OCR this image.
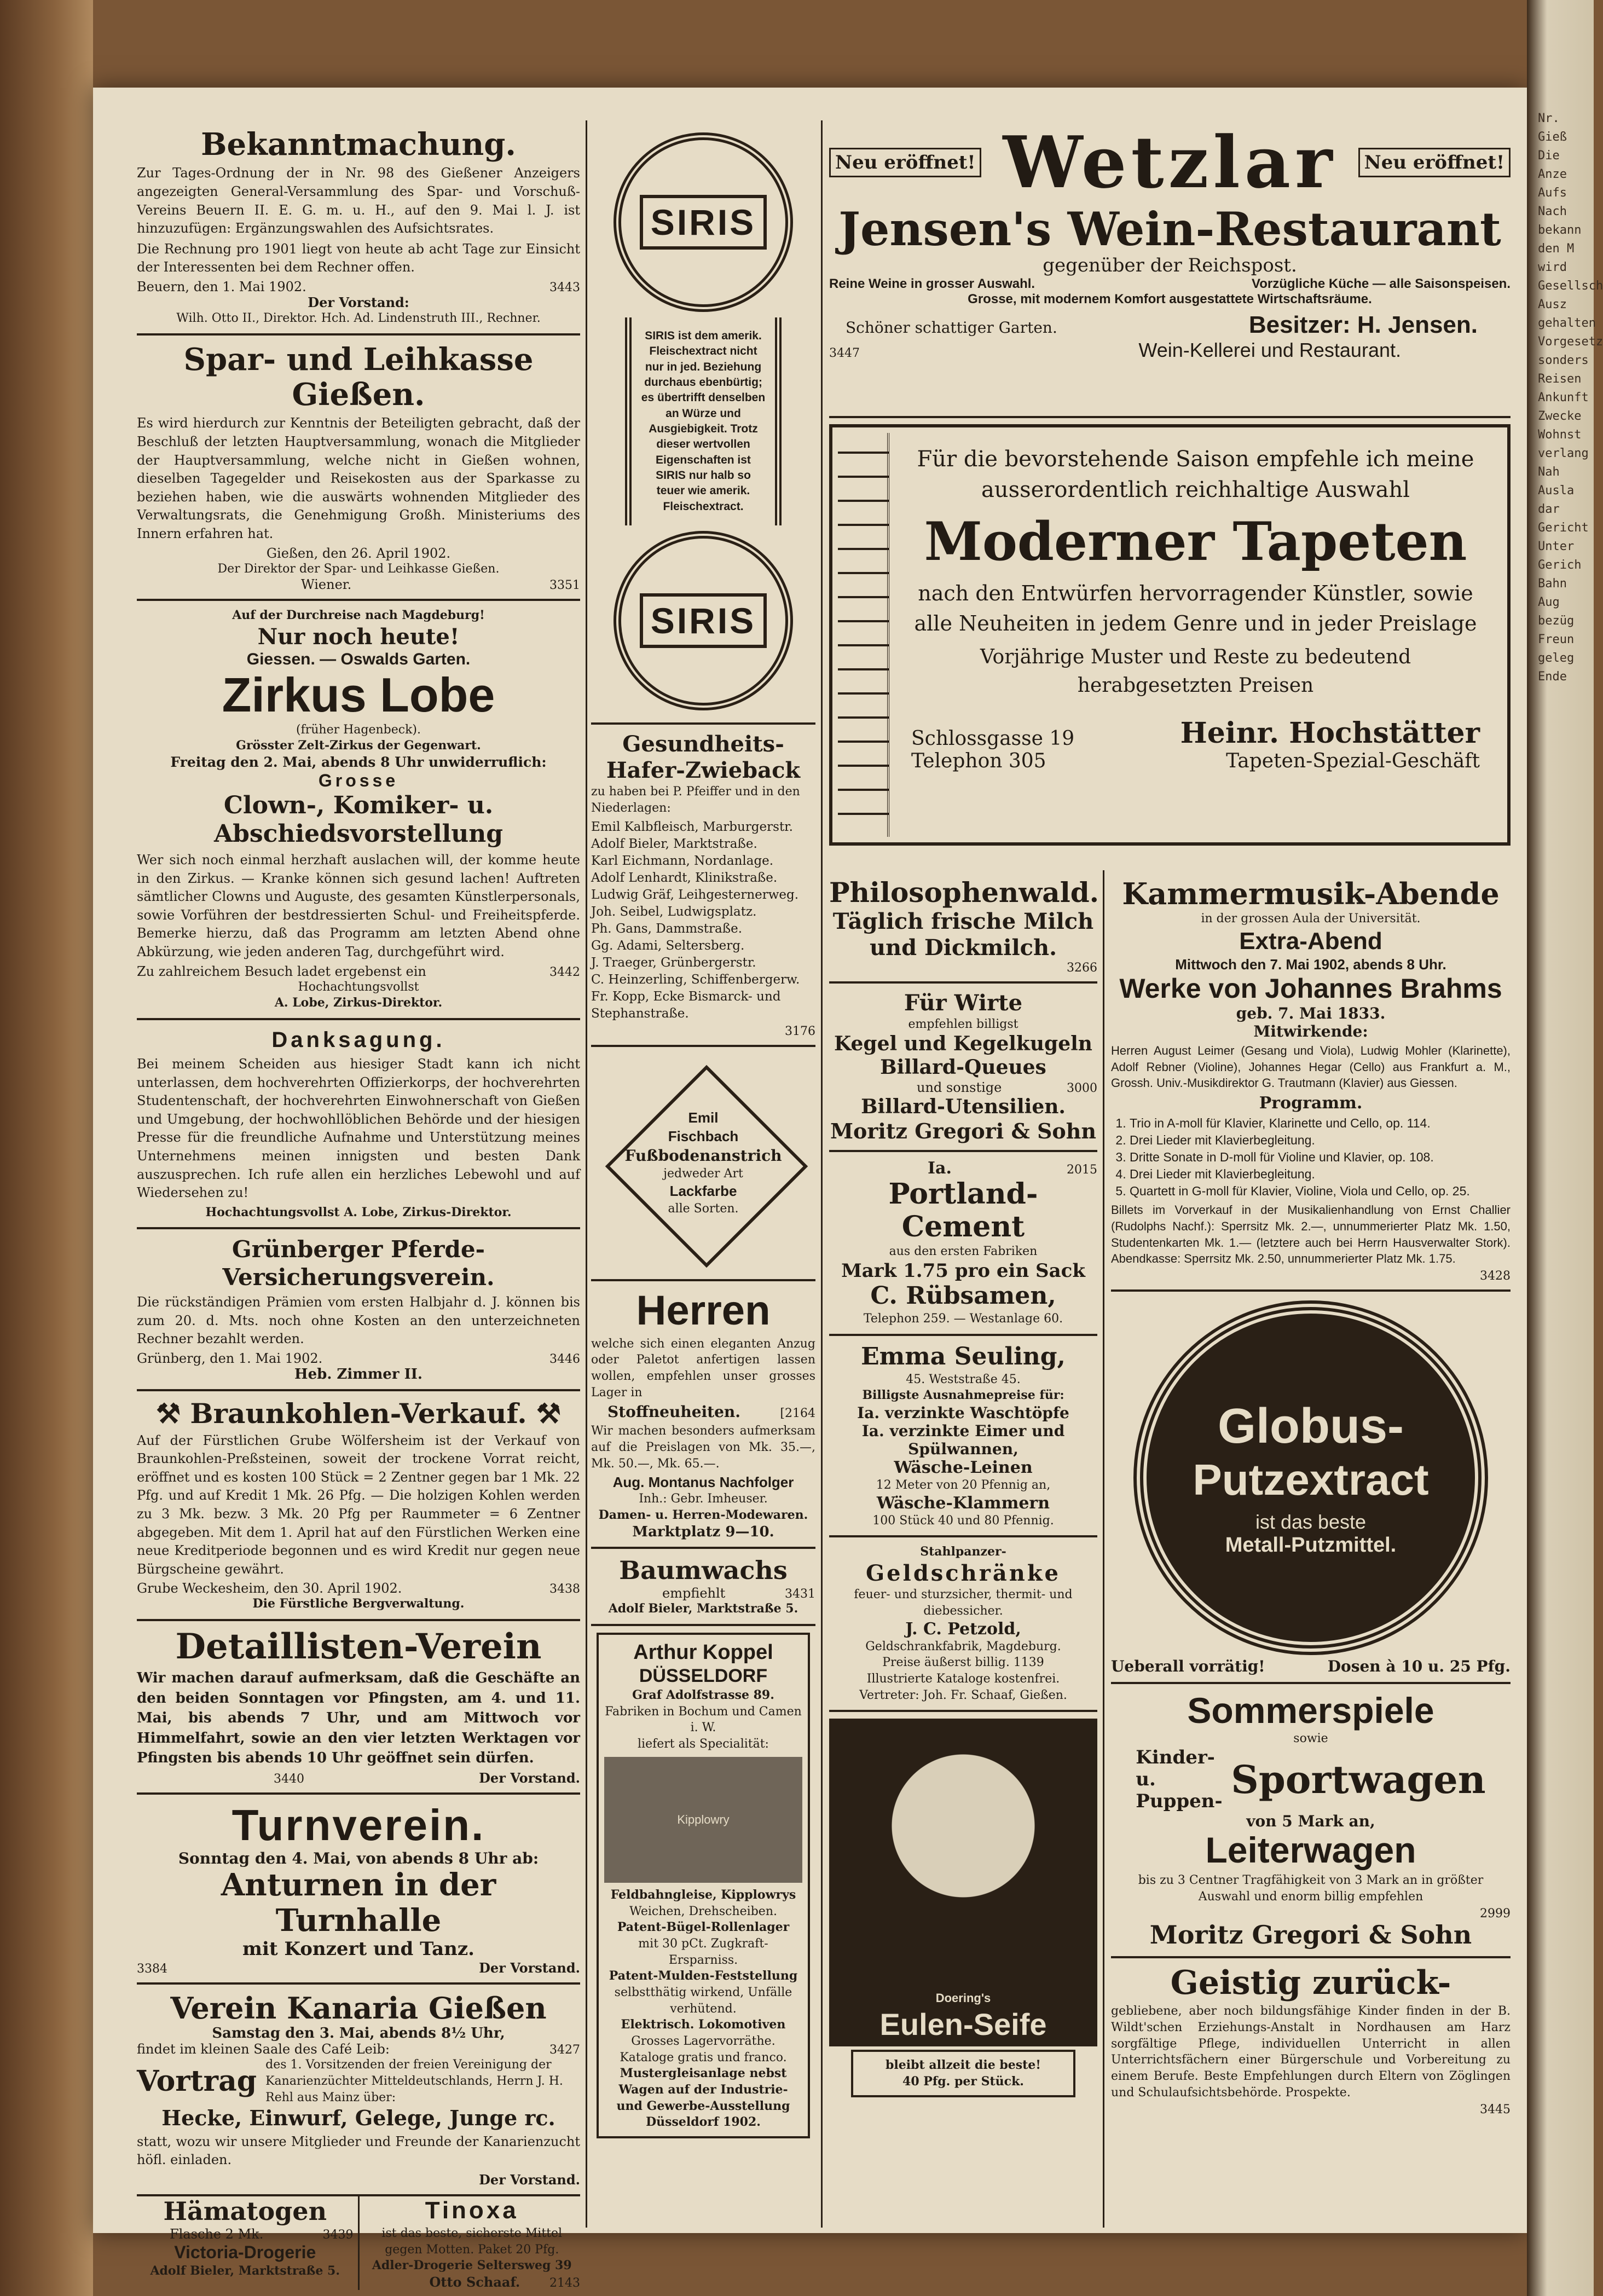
Bekanntmachung.

Zur Tages-Ordnung der in Nr. 98 des Gießener Anzeigers angezeigten General-Versammlung des Spar- und Vorschuß-Vereins Beuern II. E. G. m. u. H., auf den 9. Mai l. J. ist hinzuzufügen: Ergänzungswahlen des Aufsichtsrates.

Die Rechnung pro 1901 liegt von heute ab acht Tage zur Einsicht der Interessenten bei dem Rechner offen.

Beuern, den 1. Mai 1902.	3443
Der Vorstand:
Wilh. Otto II., Direktor. Hch. Ad. Lindenstruth III., Rechner.
Spar- und Leihkasse Gießen.

Es wird hierdurch zur Kenntnis der Beteiligten gebracht, daß der Beschluß der letzten Hauptversammlung, wonach die Mitglieder der Hauptversammlung, welche nicht in Gießen wohnen, dieselben Tagegelder und Reisekosten aus der Sparkasse zu beziehen haben, wie die auswärts wohnenden Mitglieder des Verwaltungsrats, die Genehmigung Großh. Ministeriums des Innern erfahren hat.

Gießen, den 26. April 1902.
Der Direktor der Spar- und Leihkasse Gießen.
Wiener.	3351
Auf der Durchreise nach Magdeburg!
Nur noch heute!
Giessen. — Oswalds Garten.
Zirkus Lobe
(früher Hagenbeck).
Grösster Zelt-Zirkus der Gegenwart.
Freitag den 2. Mai, abends 8 Uhr unwiderruflich:
Grosse
Clown-, Komiker- u. Abschiedsvorstellung

Wer sich noch einmal herzhaft auslachen will, der komme heute in den Zirkus. — Kranke können sich gesund lachen! Auftreten sämtlicher Clowns und Auguste, des gesamten Künstlerpersonals, sowie Vorführen der bestdressierten Schul- und Freiheitspferde. Bemerke hierzu, daß das Programm am letzten Abend ohne Abkürzung, wie jeden anderen Tag, durchgeführt wird.

Zu zahlreichem Besuch ladet ergebenst ein	3442
Hochachtungsvollst
A. Lobe, Zirkus-Direktor.
Danksagung.

Bei meinem Scheiden aus hiesiger Stadt kann ich nicht unterlassen, dem hochverehrten Offizierkorps, der hochverehrten Studentenschaft, der hochverehrten Einwohnerschaft von Gießen und Umgebung, der hochwohllöblichen Behörde und der hiesigen Presse für die freundliche Aufnahme und Unterstützung meines Unternehmens meinen innigsten und besten Dank auszusprechen. Ich rufe allen ein herzliches Lebewohl und auf Wiedersehen zu!

Hochachtungsvollst A. Lobe, Zirkus-Direktor.
Grünberger Pferde-Versicherungsverein.

Die rückständigen Prämien vom ersten Halbjahr d. J. können bis zum 20. d. Mts. noch ohne Kosten an den unterzeichneten Rechner bezahlt werden.

Grünberg, den 1. Mai 1902.	3446
Heb. Zimmer II.
⚒ Braunkohlen-Verkauf. ⚒

Auf der Fürstlichen Grube Wölfersheim ist der Verkauf von Braunkohlen-Preßsteinen, soweit der trockene Vorrat reicht, eröffnet und es kosten 100 Stück = 2 Zentner gegen bar 1 Mk. 22 Pfg. und auf Kredit 1 Mk. 26 Pfg. — Die holzigen Kohlen werden zu 3 Mk. bezw. 3 Mk. 20 Pfg per Raummeter = 6 Zentner abgegeben. Mit dem 1. April hat auf den Fürstlichen Werken eine neue Kreditperiode begonnen und es wird Kredit nur gegen neue Bürgscheine gewährt.

Grube Weckesheim, den 30. April 1902.	3438
Die Fürstliche Bergverwaltung.
Detaillisten-Verein

Wir machen darauf aufmerksam, daß die Geschäfte an den beiden Sonntagen vor Pfingsten, am 4. und 11. Mai, bis abends 7 Uhr, und am Mittwoch vor Himmelfahrt, sowie an den vier letzten Werktagen vor Pfingsten bis abends 10 Uhr geöffnet sein dürfen.

3440	Der Vorstand.
Turnverein.
Sonntag den 4. Mai, von abends 8 Uhr ab:
Anturnen in der Turnhalle
mit Konzert und Tanz.
3384	Der Vorstand.
Verein Kanaria Gießen
Samstag den 3. Mai, abends 8½ Uhr,
findet im kleinen Saale des Café Leib:	3427
Vortrag des 1. Vorsitzenden der freien Vereinigung der Kanarienzüchter Mitteldeutschlands, Herrn J. H. Rehl aus Mainz über:
Hecke, Einwurf, Gelege, Junge rc.

statt, wozu wir unsere Mitglieder und Freunde der Kanarienzucht höfl. einladen.

Der Vorstand.
Hämatogen
Flasche 2 Mk.	3439
Victoria-Drogerie
Adolf Bieler, Marktstraße 5.
Tinoxa
ist das beste, sicherste Mittel gegen Motten. Paket 20 Pfg.
Adler-Drogerie Seltersweg 39
Otto Schaaf. 2143
SIRIS
SIRIS ist dem amerik. Fleischextract nicht nur in jed. Beziehung durchaus ebenbürtig; es übertrifft denselben an Würze und Ausgiebigkeit. Trotz dieser wertvollen Eigenschaften ist SIRIS nur halb so teuer wie amerik. Fleischextract.
SIRIS
Gesundheits-Hafer-Zwieback
zu haben bei P. Pfeiffer und in den Niederlagen:
Emil Kalbfleisch, Marburgerstr.
Adolf Bieler, Marktstraße.
Karl Eichmann, Nordanlage.
Adolf Lenhardt, Klinikstraße.
Ludwig Gräf, Leihgesternerweg.
Joh. Seibel, Ludwigsplatz.
Ph. Gans, Dammstraße.
Gg. Adami, Seltersberg.
J. Traeger, Grünbergerstr.
C. Heinzerling, Schiffenbergerw.
Fr. Kopp, Ecke Bismarck- und Stephanstraße.
3176
Emil Fischbach
Fußbodenanstrich
jedweder Art
Lackfarbe
alle Sorten.
Herren

welche sich einen eleganten Anzug oder Paletot anfertigen lassen wollen, empfehlen unser grosses Lager in

Stoffneuheiten.	[2164

Wir machen besonders aufmerksam auf die Preislagen von Mk. 35.—, Mk. 50.—, Mk. 65.—.

Aug. Montanus Nachfolger
Inh.: Gebr. Imheuser.
Damen- u. Herren-Modewaren.
Marktplatz 9—10.
Baumwachs
empfiehlt	3431
Adolf Bieler, Marktstraße 5.
Arthur Koppel
DÜSSELDORF
Graf Adolfstrasse 89.
Fabriken in Bochum und Camen i. W.
liefert als Specialität:
Kipplowry
Feldbahngleise, Kipplowrys
Weichen, Drehscheiben.
Patent-Bügel-Rollenlager
mit 30 pCt. Zugkraft-Ersparniss.
Patent-Mulden-Feststellung
selbstthätig wirkend, Unfälle verhütend.
Elektrisch. Lokomotiven
Grosses Lagervorräthe.
Kataloge gratis und franco.
Mustergleisanlage nebst Wagen auf der Industrie- und Gewerbe-Ausstellung Düsseldorf 1902.
Neu eröffnet! Wetzlar	Neu eröffnet!
Jensen's Wein-Restaurant
gegenüber der Reichspost.
Reine Weine in grosser Auswahl.	Vorzügliche Küche — alle Saisonspeisen.
Grosse, mit modernem Komfort ausgestattete Wirtschaftsräume.
Schöner schattiger Garten.	Besitzer: H. Jensen.
3447	Wein-Kellerei und Restaurant.
Für die bevorstehende Saison empfehle ich meine ausserordentlich reichhaltige Auswahl
Moderner Tapeten
nach den Entwürfen hervorragender Künstler, sowie alle Neuheiten in jedem Genre und in jeder Preislage
Vorjährige Muster und Reste zu bedeutend herabgesetzten Preisen
Schlossgasse 19
Telephon 305
Heinr. Hochstätter
Tapeten-Spezial-Geschäft
Philosophenwald.
Täglich frische Milch und Dickmilch.
3266
Für Wirte
empfehlen billigst
Kegel und Kegelkugeln
Billard-Queues
und sonstige	3000
Billard-Utensilien.
Moritz Gregori & Sohn
Ia.	2015
Portland-Cement
aus den ersten Fabriken
Mark 1.75 pro ein Sack
C. Rübsamen,
Telephon 259. — Westanlage 60.
Emma Seuling,
45. Weststraße 45.
Billigste Ausnahmepreise für:
Ia. verzinkte Waschtöpfe
Ia. verzinkte Eimer und
Spülwannen,
Wäsche-Leinen
12 Meter von 20 Pfennig an,
Wäsche-Klammern
100 Stück 40 und 80 Pfennig.
Stahlpanzer-
Geldschränke
feuer- und sturzsicher, thermit- und diebessicher.
J. C. Petzold,
Geldschrankfabrik, Magdeburg.
Preise äußerst billig. 1139
Illustrierte Kataloge kostenfrei.
Vertreter: Joh. Fr. Schaaf, Gießen.
Doering's
Eulen-Seife
bleibt allzeit die beste!
40 Pfg. per Stück.
Kammermusik-Abende
in der grossen Aula der Universität.
Extra-Abend
Mittwoch den 7. Mai 1902, abends 8 Uhr.
Werke von Johannes Brahms
geb. 7. Mai 1833.
Mitwirkende:

Herren August Leimer (Gesang und Viola), Ludwig Mohler (Klarinette), Adolf Rebner (Violine), Johannes Hegar (Cello) aus Frankfurt a. M., Grossh. Univ.-Musikdirektor G. Trautmann (Klavier) aus Giessen.

Programm.
1. Trio in A-moll für Klavier, Klarinette und Cello, op. 114.
2. Drei Lieder mit Klavierbegleitung.
3. Dritte Sonate in D-moll für Violine und Klavier, op. 108.
4. Drei Lieder mit Klavierbegleitung.
5. Quartett in G-moll für Klavier, Violine, Viola und Cello, op. 25.

Billets im Vorverkauf in der Musikalienhandlung von Ernst Challier (Rudolphs Nachf.): Sperrsitz Mk. 2.—, unnummerierter Platz Mk. 1.50, Studentenkarten Mk. 1.— (letztere auch bei Herrn Hausverwalter Stork). Abendkasse: Sperrsitz Mk. 2.50, unnummerierter Platz Mk. 1.75.

3428
Globus-
Putzextract
ist das beste
Metall-Putzmittel.
Ueberall vorrätig!	Dosen à 10 u. 25 Pfg.
Sommerspiele
sowie
Kinder- u. Puppen- Sportwagen
von 5 Mark an,
Leiterwagen

bis zu 3 Centner Tragfähigkeit von 3 Mark an in größter Auswahl und enorm billig empfehlen

2999
Moritz Gregori & Sohn
Geistig zurück-

gebliebene, aber noch bildungsfähige Kinder finden in der B. Wildt'schen Erziehungs-Anstalt in Nordhausen am Harz sorgfältige Pflege, individuellen Unterricht in allen Unterrichtsfächern einer Bürgerschule und Vorbereitung zu einem Berufe. Beste Empfehlungen durch Eltern von Zöglingen und Schulaufsichtsbehörde. Prospekte.

3445
Nr.
Gieß
Die
Anze
Aufs
Nach
bekann
den M
wird
Gesellsch
Ausz
gehalten
Vorgesetz
sonders
Reisen
Ankunft
Zwecke
Wohnst
verlang
Nah
Ausla
dar
Gericht
Unter
Gerich
Bahn
Aug
bezüg
Freun
geleg
Ende
